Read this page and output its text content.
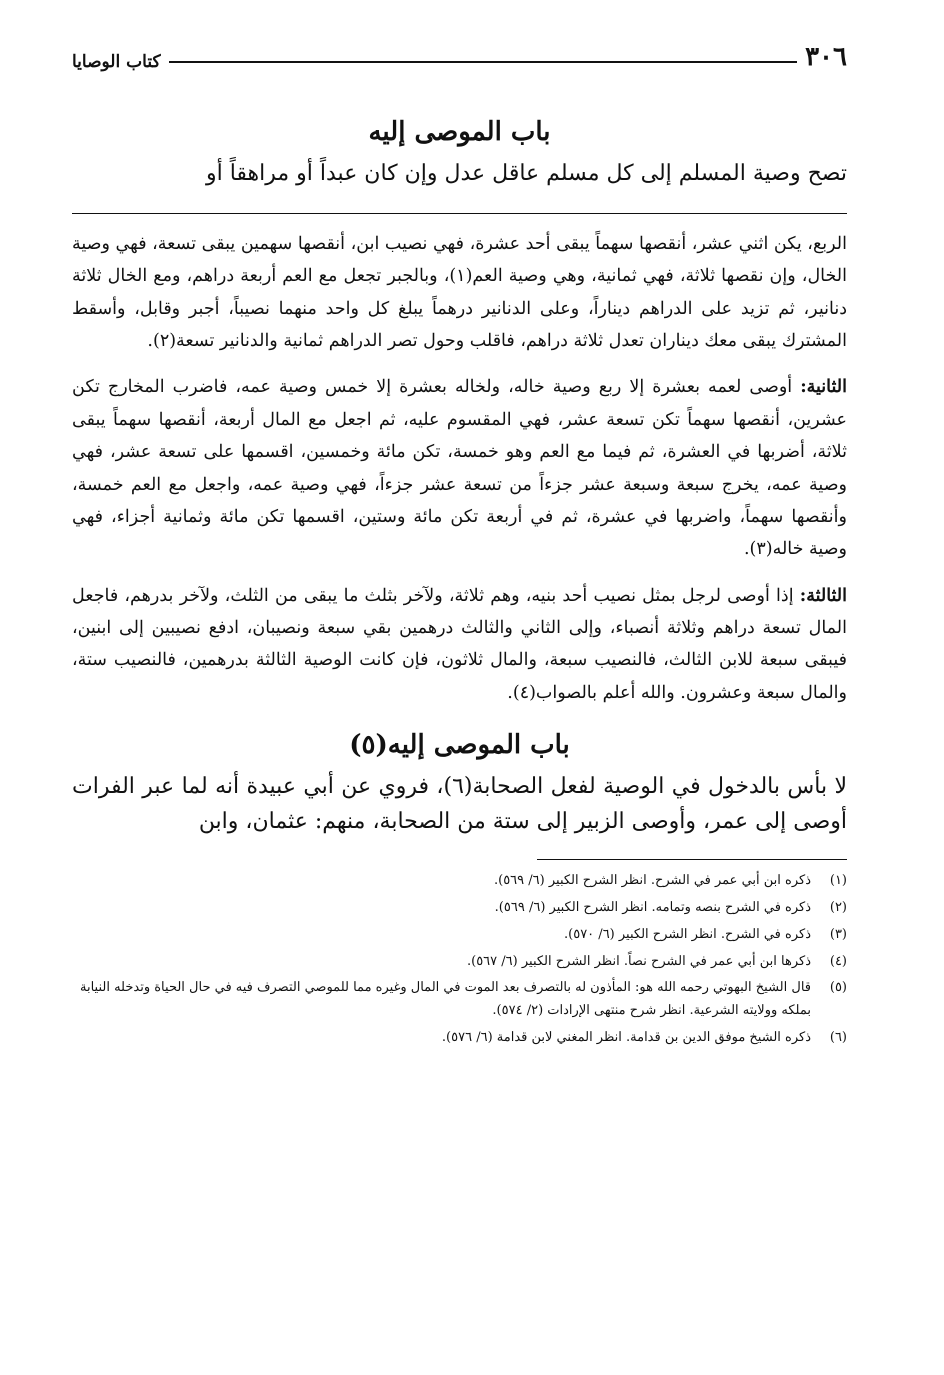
٣٠٦
كتاب الوصايا
باب الموصى إليه

تصح وصية المسلم إلى كل مسلم عاقل عدل وإن كان عبداً أو مراهقاً أو

الربع، يكن اثني عشر، أنقصها سهماً يبقى أحد عشرة، فهي نصيب ابن، أنقصها سهمين يبقى تسعة، فهي وصية الخال، وإن نقصها ثلاثة، فهي ثمانية، وهي وصية العم(١)، وبالجبر تجعل مع العم أربعة دراهم، ومع الخال ثلاثة دنانير، ثم تزيد على الدراهم ديناراً، وعلى الدنانير درهماً يبلغ كل واحد منهما نصيباً، أجبر وقابل، وأسقط المشترك يبقى معك ديناران تعدل ثلاثة دراهم، فاقلب وحول تصر الدراهم ثمانية والدنانير تسعة(٢).

الثانية: أوصى لعمه بعشرة إلا ربع وصية خاله، ولخاله بعشرة إلا خمس وصية عمه، فاضرب المخارج تكن عشرين، أنقصها سهماً تكن تسعة عشر، فهي المقسوم عليه، ثم اجعل مع المال أربعة، أنقصها سهماً يبقى ثلاثة، أضربها في العشرة، ثم فيما مع العم وهو خمسة، تكن مائة وخمسين، اقسمها على تسعة عشر، فهي وصية عمه، يخرج سبعة وسبعة عشر جزءاً من تسعة عشر جزءاً، فهي وصية عمه، واجعل مع العم خمسة، وأنقصها سهماً، واضربها في عشرة، ثم في أربعة تكن مائة وستين، اقسمها تكن مائة وثمانية أجزاء، فهي وصية خاله(٣).

الثالثة: إذا أوصى لرجل بمثل نصيب أحد بنيه، وهم ثلاثة، ولآخر بثلث ما يبقى من الثلث، ولآخر بدرهم، فاجعل المال تسعة دراهم وثلاثة أنصباء، وإلى الثاني والثالث درهمين بقي سبعة ونصيبان، ادفع نصيبين إلى ابنين، فيبقى سبعة للابن الثالث، فالنصيب سبعة، والمال ثلاثون، فإن كانت الوصية الثالثة بدرهمين، فالنصيب ستة، والمال سبعة وعشرون. والله أعلم بالصواب(٤).

باب الموصى إليه(٥)

لا بأس بالدخول في الوصية لفعل الصحابة(٦)، فروي عن أبي عبيدة أنه لما عبر الفرات أوصى إلى عمر، وأوصى الزبير إلى ستة من الصحابة، منهم: عثمان، وابن

(١)
ذكره ابن أبي عمر في الشرح. انظر الشرح الكبير (٦/ ٥٦٩).
(٢)
ذكره في الشرح بنصه وتمامه. انظر الشرح الكبير (٦/ ٥٦٩).
(٣)
ذكره في الشرح. انظر الشرح الكبير (٦/ ٥٧٠).
(٤)
ذكرها ابن أبي عمر في الشرح نصاً. انظر الشرح الكبير (٦/ ٥٦٧).
(٥)
قال الشيخ البهوتي رحمه الله هو: المأذون له بالتصرف بعد الموت في المال وغيره مما للموصي التصرف فيه في حال الحياة وتدخله النيابة بملكه وولايته الشرعية. انظر شرح منتهى الإرادات (٢/ ٥٧٤).
(٦)
ذكره الشيخ موفق الدين بن قدامة. انظر المغني لابن قدامة (٦/ ٥٧٦).
